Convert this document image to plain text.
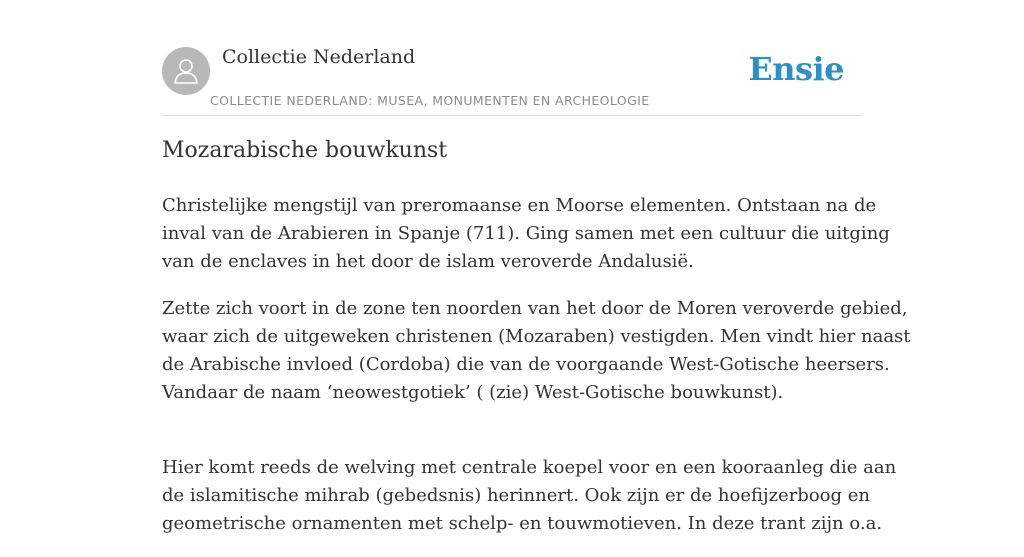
Collectie Nederland
COLLECTIE NEDERLAND: MUSEA, MONUMENTEN EN ARCHEOLOGIE
Ensie
Mozarabische bouwkunst

Christelijke mengstijl van preromaanse en Moorse elementen. Ontstaan na de
inval van de Arabieren in Spanje (711). Ging samen met een cultuur die uitging
van de enclaves in het door de islam veroverde Andalusië.

Zette zich voort in de zone ten noorden van het door de Moren veroverde gebied,
waar zich de uitgeweken christenen (Mozaraben) vestigden. Men vindt hier naast
de Arabische invloed (Cordoba) die van de voorgaande West-Gotische heersers.
Vandaar de naam ‘neowestgotiek’ ( (zie) West-Gotische bouwkunst).

Hier komt reeds de welving met centrale koepel voor en een kooraanleg die aan
de islamitische mihrab (gebedsnis) herinnert. Ook zijn er de hoefijzerboog en
geometrische ornamenten met schelp- en touwmotieven. In deze trant zijn o.a.
